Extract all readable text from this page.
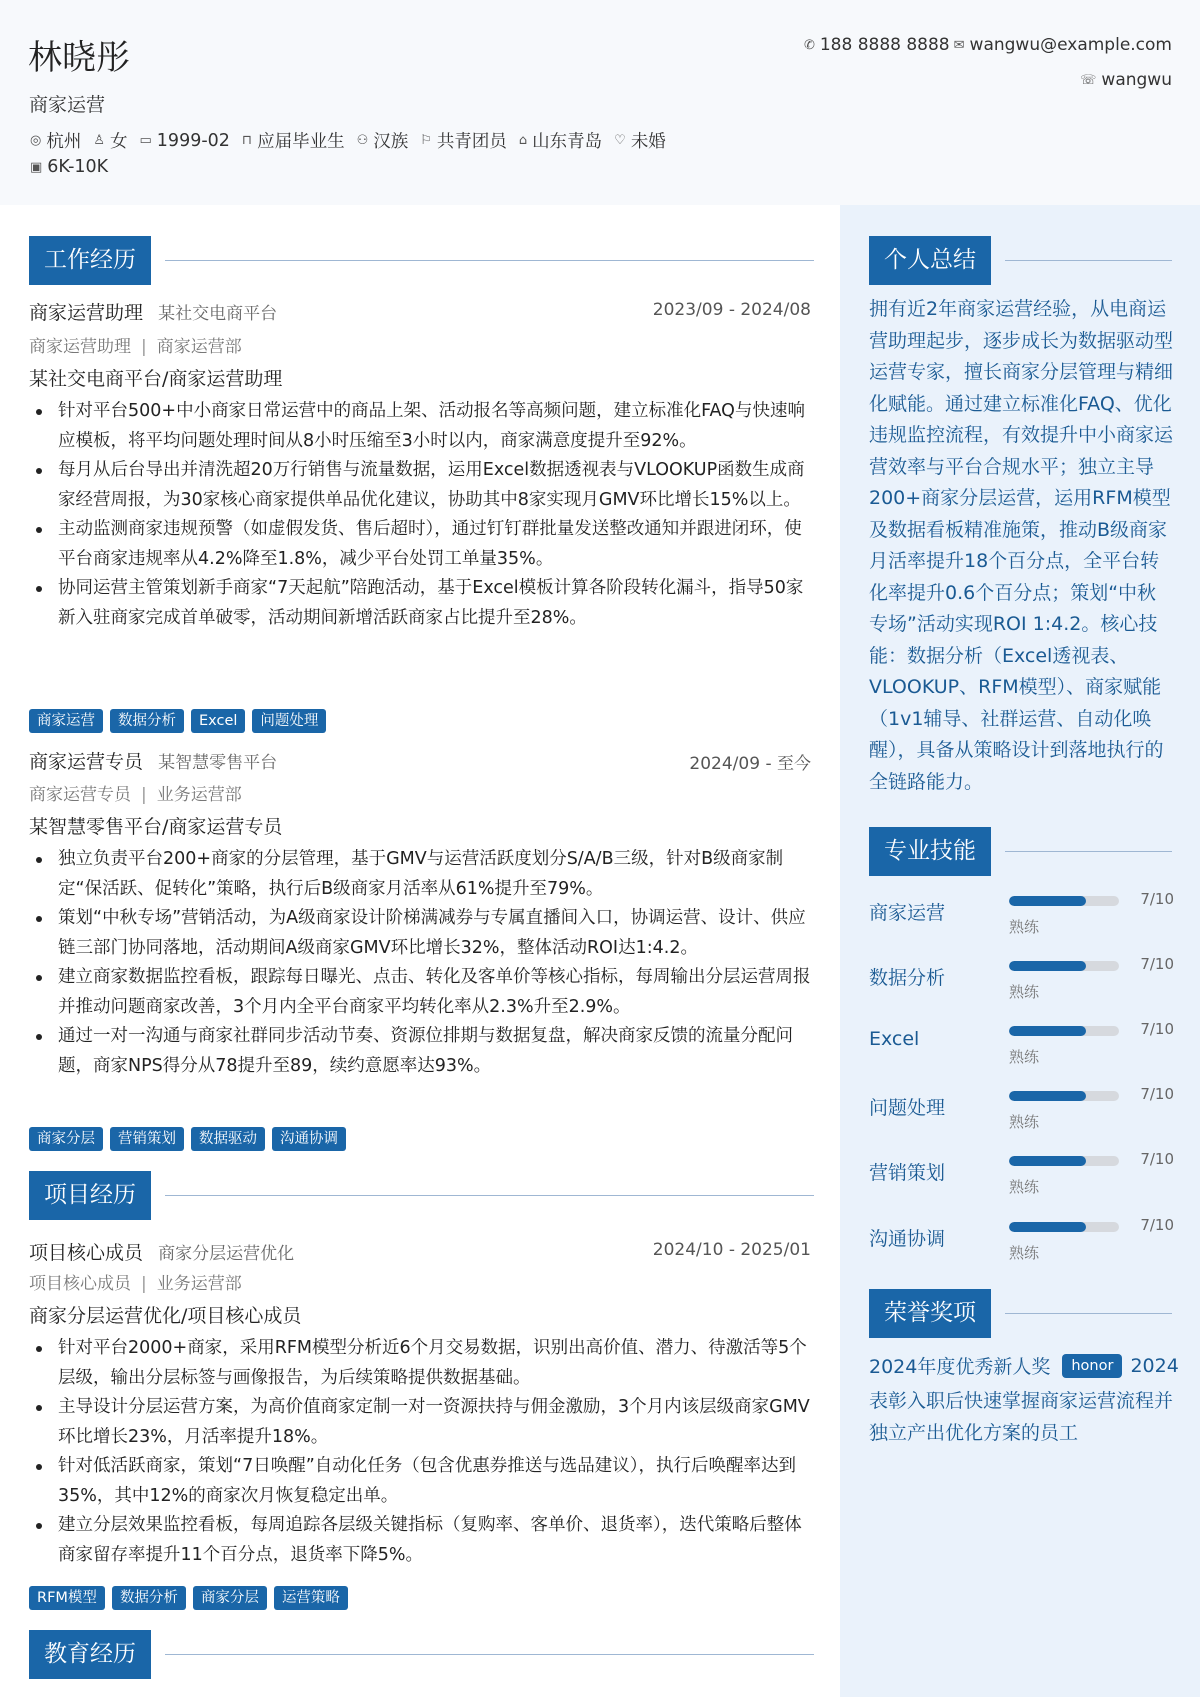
林晓彤
商家运营
◎ 杭州 ♙ 女 ▭ 1999-02 ⊓ 应届毕业生 ⚇ 汉族 ⚐ 共青团员 ⌂ 山东青岛 ♡ 未婚
▣ 6K-10K
✆ 188 8888 8888 ✉ wangwu@example.com
☏ wangwu
工作经历
商家运营助理 某社交电商平台	2023/09 - 2024/08
商家运营助理 | 商家运营部
某社交电商平台/商家运营助理
针对平台500+中小商家日常运营中的商品上架、活动报名等高频问题，建立标准化FAQ与快速响应模板，将平均问题处理时间从8小时压缩至3小时以内，商家满意度提升至92%。
每月从后台导出并清洗超20万行销售与流量数据，运用Excel数据透视表与VLOOKUP函数生成商家经营周报，为30家核心商家提供单品优化建议，协助其中8家实现月GMV环比增长15%以上。
主动监测商家违规预警（如虚假发货、售后超时），通过钉钉群批量发送整改通知并跟进闭环，使平台商家违规率从4.2%降至1.8%，减少平台处罚工单量35%。
协同运营主管策划新手商家“7天起航”陪跑活动，基于Excel模板计算各阶段转化漏斗，指导50家新入驻商家完成首单破零，活动期间新增活跃商家占比提升至28%。
商家运营	数据分析	Excel	问题处理
商家运营专员 某智慧零售平台	2024/09 - 至今
商家运营专员 | 业务运营部
某智慧零售平台/商家运营专员
独立负责平台200+商家的分层管理，基于GMV与运营活跃度划分S/A/B三级，针对B级商家制定“保活跃、促转化”策略，执行后B级商家月活率从61%提升至79%。
策划“中秋专场”营销活动，为A级商家设计阶梯满减券与专属直播间入口，协调运营、设计、供应链三部门协同落地，活动期间A级商家GMV环比增长32%，整体活动ROI达1:4.2。
建立商家数据监控看板，跟踪每日曝光、点击、转化及客单价等核心指标，每周输出分层运营周报并推动问题商家改善，3个月内全平台商家平均转化率从2.3%升至2.9%。
通过一对一沟通与商家社群同步活动节奏、资源位排期与数据复盘，解决商家反馈的流量分配问题，商家NPS得分从78提升至89，续约意愿率达93%。
商家分层	营销策划	数据驱动	沟通协调
项目经历
项目核心成员 商家分层运营优化	2024/10 - 2025/01
项目核心成员 | 业务运营部
商家分层运营优化/项目核心成员
针对平台2000+商家，采用RFM模型分析近6个月交易数据，识别出高价值、潜力、待激活等5个层级，输出分层标签与画像报告，为后续策略提供数据基础。
主导设计分层运营方案，为高价值商家定制一对一资源扶持与佣金激励，3个月内该层级商家GMV环比增长23%，月活率提升18%。
针对低活跃商家，策划“7日唤醒”自动化任务（包含优惠券推送与选品建议），执行后唤醒率达到35%，其中12%的商家次月恢复稳定出单。
建立分层效果监控看板，每周追踪各层级关键指标（复购率、客单价、退货率），迭代策略后整体商家留存率提升11个百分点，退货率下降5%。
RFM模型	数据分析	商家分层	运营策略
教育经历
个人总结
拥有近2年商家运营经验，从电商运营助理起步，逐步成长为数据驱动型运营专家，擅长商家分层管理与精细化赋能。通过建立标准化FAQ、优化违规监控流程，有效提升中小商家运营效率与平台合规水平；独立主导200+商家分层运营，运用RFM模型及数据看板精准施策，推动B级商家月活率提升18个百分点，全平台转化率提升0.6个百分点；策划“中秋专场”活动实现ROI 1:4.2。核心技能：数据分析（Excel透视表、VLOOKUP、RFM模型）、商家赋能（1v1辅导、社群运营、自动化唤醒），具备从策略设计到落地执行的全链路能力。
专业技能
商家运营
7/10
熟练
数据分析
7/10
熟练
Excel	7/10
熟练
问题处理
7/10
熟练
营销策划
7/10
熟练
沟通协调
7/10
熟练
荣誉奖项
2024年度优秀新人奖	honor 2024
表彰入职后快速掌握商家运营流程并独立产出优化方案的员工
